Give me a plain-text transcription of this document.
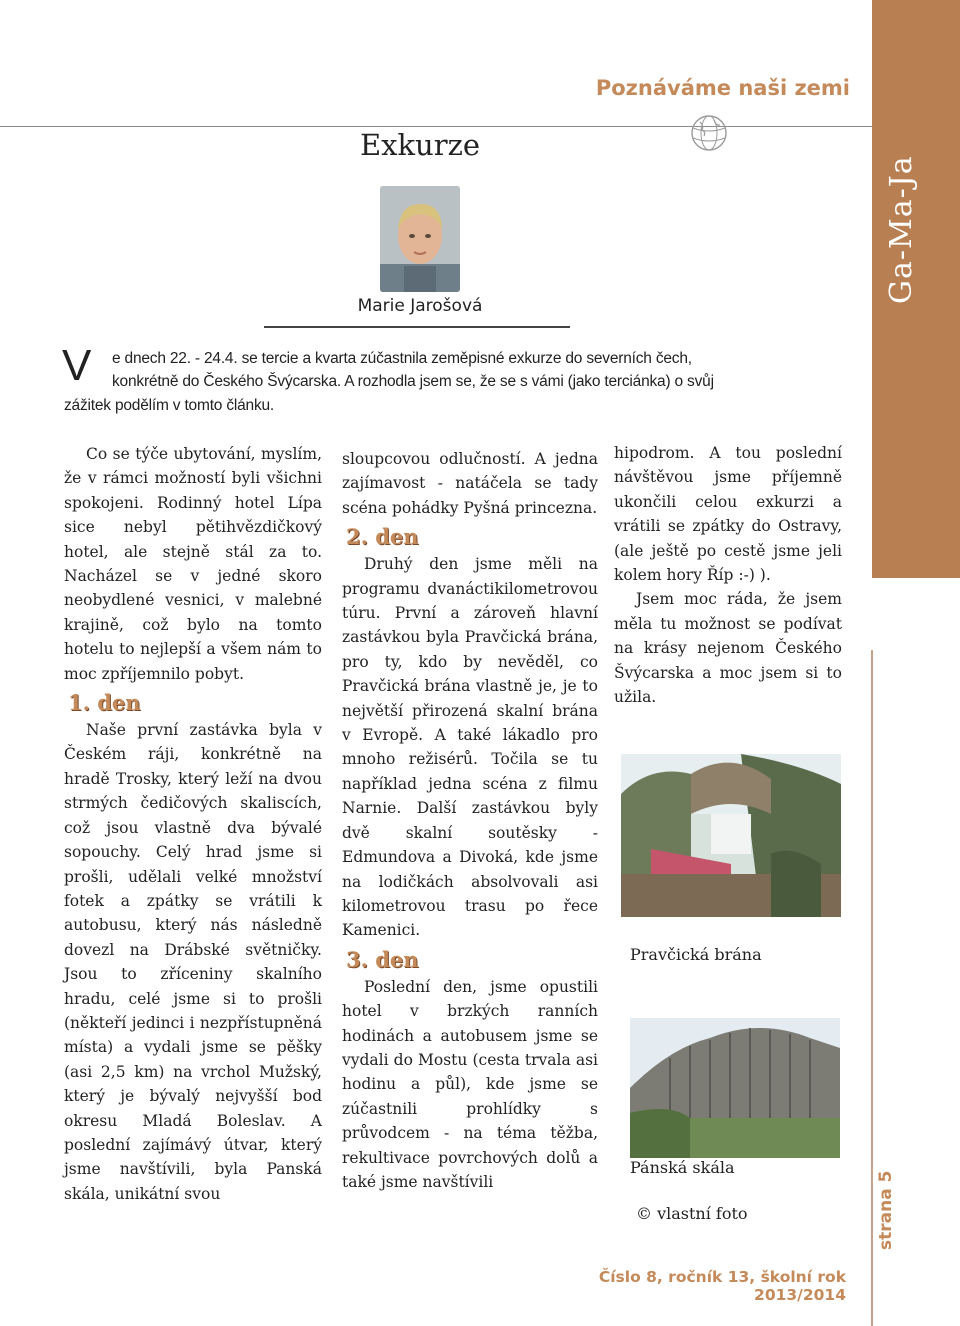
Ga-Ma-Ja
strana 5
Poznáváme naši zemi
Exkurze
Marie Jarošová
V e dnech 22. - 24.4. se tercie a kvarta zúčastnila zeměpisné exkurze do severních čech,
konkrétně do Českého Švýcarska. A rozhodla jsem se, že se s vámi (jako terciánka) o svůj
zážitek podělím v tomto článku.

Co se týče ubytování, myslím, že v rámci možností byli všichni spokojeni. Rodinný hotel Lípa sice nebyl pětihvězdičkový hotel, ale stejně stál za to. Nacházel se v jedné skoro neobydlené vesnici, v malebné krajině, což bylo na tomto hotelu to nejlepší a všem nám to moc zpříjemnilo pobyt.

1. den

Naše první zastávka byla v Českém ráji, konkrétně na hradě Trosky, který leží na dvou strmých čedičových skaliscích, což jsou vlastně dva bývalé sopouchy. Celý hrad jsme si prošli, udělali velké množství fotek a zpátky se vrátili k autobusu, který nás následně dovezl na Drábské světničky. Jsou to zříceniny skalního hradu, celé jsme si to prošli (někteří jedinci i nezpřístupněná místa) a vydali jsme se pěšky (asi 2,5 km) na vrchol Mužský, který je bývalý nejvyšší bod okresu Mladá Boleslav. A poslední zajímávý útvar, který jsme navštívili, byla Panská skála, unikátní svou

sloupcovou odlučností. A jedna zajímavost - natáčela se tady scéna pohádky Pyšná princezna.

2. den

Druhý den jsme měli na programu dvanáctikilometrovou túru. První a zároveň hlavní zastávkou byla Pravčická brána, pro ty, kdo by nevěděl, co Pravčická brána vlastně je, je to největší přirozená skalní brána v Evropě. A také lákadlo pro mnoho režisérů. Točila se tu například jedna scéna z filmu Narnie. Další zastávkou byly dvě skalní soutěsky - Edmundova a Divoká, kde jsme na lodičkách absolvovali asi kilometrovou trasu po řece Kamenici.

3. den

Poslední den, jsme opustili hotel v brzkých ranních hodinách a autobusem jsme se vydali do Mostu (cesta trvala asi hodinu a půl), kde jsme se zúčastnili prohlídky s průvodcem - na téma těžba, rekultivace povrchových dolů a také jsme navštívili

hipodrom. A tou poslední návštěvou jsme příjemně ukončili celou exkurzi a vrátili se zpátky do Ostravy, (ale ještě po cestě jsme jeli kolem hory Říp :-) ).

Jsem moc ráda, že jsem měla tu možnost se podívat na krásy nejenom Českého Švýcarska a moc jsem si to užila.

Pravčická brána
Pánská skála
© vlastní foto
Číslo 8, ročník 13, školní rok 2013/2014
